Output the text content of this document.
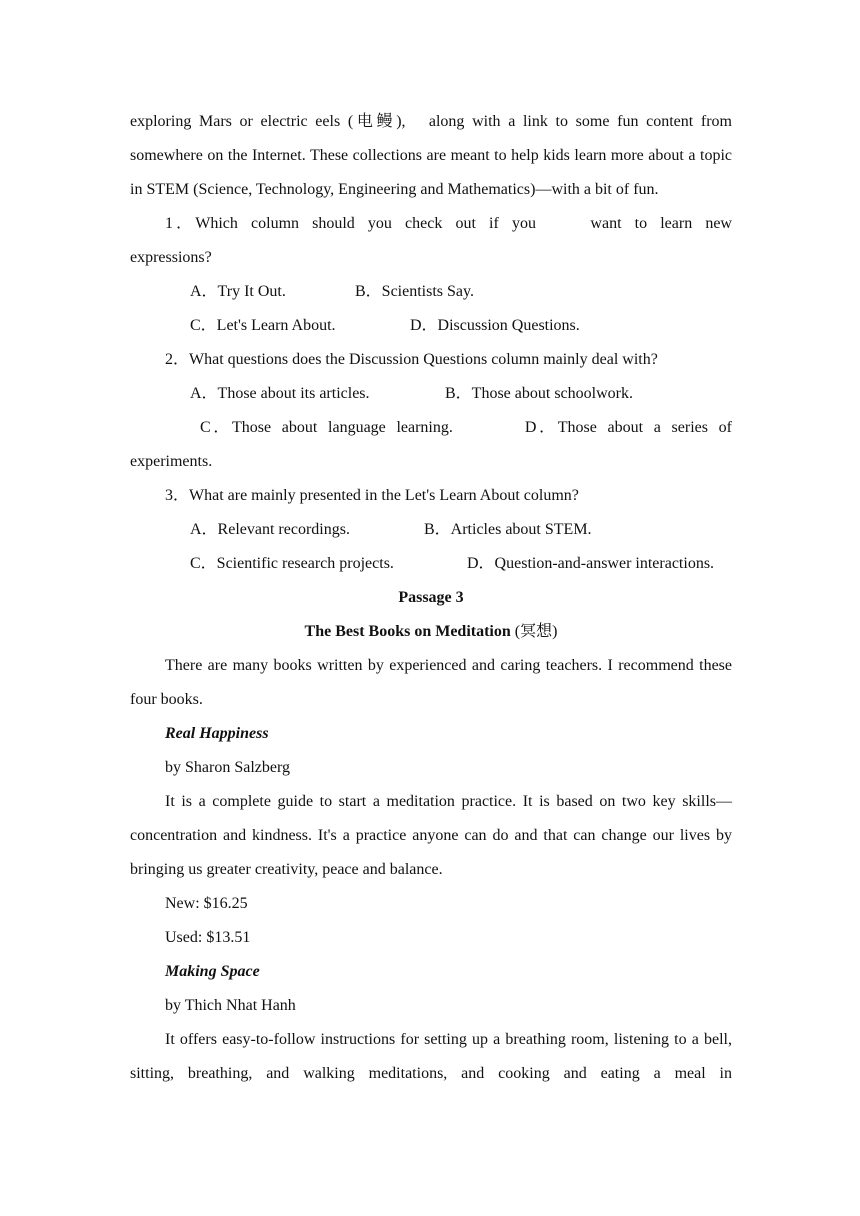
exploring Mars or electric eels (电鳗),　along with a link to some fun content from somewhere on the Internet. These collections are meant to help kids learn more about a topic in STEM (Science, Technology, Engineering and Mathematics)—with a bit of fun.

1．Which column should you check out if you　　 want to learn new expressions?

A．Try It Out.	B．Scientists Say.
C．Let's Learn About.	D．Discussion Questions.

2．What questions does the Discussion Questions column mainly deal with?

A．Those about its articles.	B．Those about schoolwork.

C．Those about language learning.	D．Those about a series of experiments.

3．What are mainly presented in the Let's Learn About column?

A．Relevant recordings.	B．Articles about STEM.
C．Scientific research projects.	D．Question-and-answer interactions.

Passage 3

The Best Books on Meditation (冥想)

There are many books written by experienced and caring teachers. I recommend these four books.

Real Happiness

by Sharon Salzberg

It is a complete guide to start a meditation practice. It is based on two key skills—concentration and kindness. It's a practice anyone can do and that can change our lives by bringing us greater creativity, peace and balance.

New: $16.25

Used: $13.51

Making Space

by Thich Nhat Hanh

It offers easy-to-follow instructions for setting up a breathing room, listening to a bell, sitting, breathing, and walking meditations, and cooking and eating a meal in
